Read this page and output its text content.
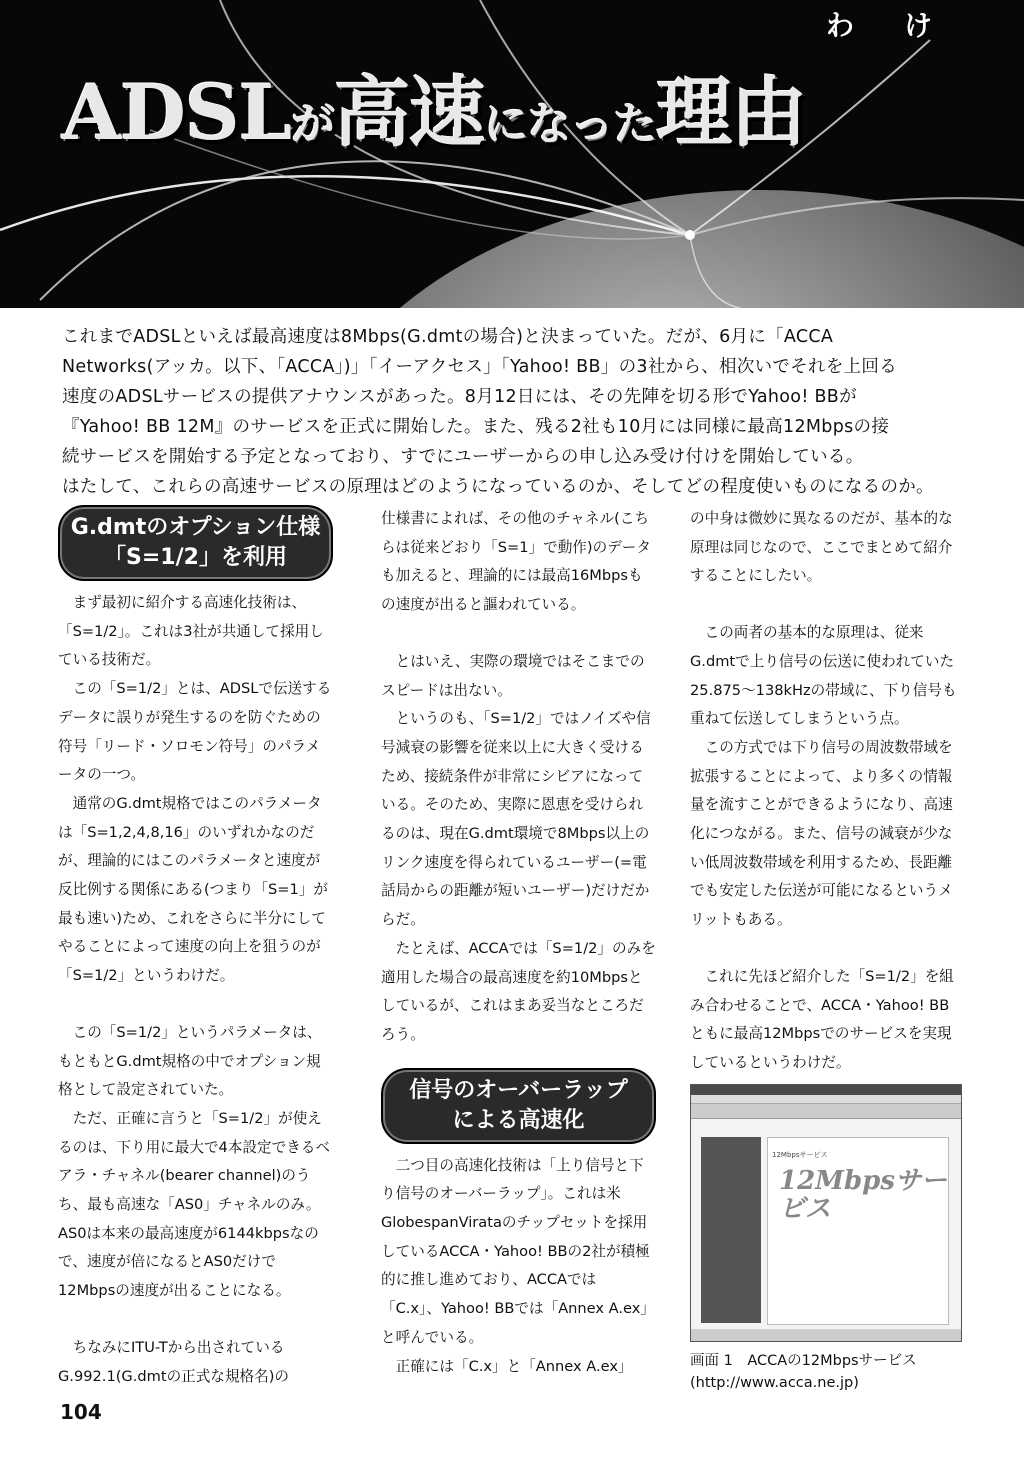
わ け
ADSLが高速になった理由

これまでADSLといえば最高速度は8Mbps(G.dmtの場合)と決まっていた。だが、6月に「ACCA

Networks(アッカ。以下、「ACCA」)」「イーアクセス」「Yahoo! BB」の3社から、相次いでそれを上回る

速度のADSLサービスの提供アナウンスがあった。8月12日には、その先陣を切る形でYahoo! BBが

『Yahoo! BB 12M』のサービスを正式に開始した。また、残る2社も10月には同様に最高12Mbpsの接

続サービスを開始する予定となっており、すでにユーザーからの申し込み受け付けを開始している。

はたして、これらの高速サービスの原理はどのようになっているのか、そしてどの程度使いものになるのか。

G.dmtのオプション仕様
「S=1/2」を利用

まず最初に紹介する高速化技術は、「S=1/2」。これは3社が共通して採用している技術だ。

この「S=1/2」とは、ADSLで伝送するデータに誤りが発生するのを防ぐための符号「リード・ソロモン符号」のパラメータの一つ。

通常のG.dmt規格ではこのパラメータは「S=1,2,4,8,16」のいずれかなのだが、理論的にはこのパラメータと速度が反比例する関係にある(つまり「S=1」が最も速い)ため、これをさらに半分にしてやることによって速度の向上を狙うのが「S=1/2」というわけだ。

この「S=1/2」というパラメータは、もともとG.dmt規格の中でオプション規格として設定されていた。

ただ、正確に言うと「S=1/2」が使えるのは、下り用に最大で4本設定できるベアラ・チャネル(bearer channel)のうち、最も高速な「AS0」チャネルのみ。AS0は本来の最高速度が6144kbpsなので、速度が倍になるとAS0だけで12Mbpsの速度が出ることになる。

ちなみにITU-Tから出されているG.992.1(G.dmtの正式な規格名)の

仕様書によれば、その他のチャネル(こちらは従来どおり「S=1」で動作)のデータも加えると、理論的には最高16Mbpsもの速度が出ると謳われている。

とはいえ、実際の環境ではそこまでのスピードは出ない。

というのも、「S=1/2」ではノイズや信号減衰の影響を従来以上に大きく受けるため、接続条件が非常にシビアになっている。そのため、実際に恩恵を受けられるのは、現在G.dmt環境で8Mbps以上のリンク速度を得られているユーザー(=電話局からの距離が短いユーザー)だけだからだ。

たとえば、ACCAでは「S=1/2」のみを適用した場合の最高速度を約10Mbpsとしているが、これはまあ妥当なところだろう。

信号のオーバーラップ
による高速化

二つ目の高速化技術は「上り信号と下り信号のオーバーラップ」。これは米GlobespanVirataのチップセットを採用しているACCA・Yahoo! BBの2社が積極的に推し進めており、ACCAでは「C.x」、Yahoo! BBでは「Annex A.ex」と呼んでいる。

正確には「C.x」と「Annex A.ex」

の中身は微妙に異なるのだが、基本的な原理は同じなので、ここでまとめて紹介することにしたい。

この両者の基本的な原理は、従来G.dmtで上り信号の伝送に使われていた25.875〜138kHzの帯域に、下り信号も重ねて伝送してしまうという点。

この方式では下り信号の周波数帯域を拡張することによって、より多くの情報量を流すことができるようになり、高速化につながる。また、信号の減衰が少ない低周波数帯域を利用するため、長距離でも安定した伝送が可能になるというメリットもある。

これに先ほど紹介した「S=1/2」を組み合わせることで、ACCA・Yahoo! BBともに最高12Mbpsでのサービスを実現しているというわけだ。

12Mbpsサービス
12Mbpsサービス
画面 1　ACCAの12Mbpsサービス
(http://www.acca.ne.jp)
104
